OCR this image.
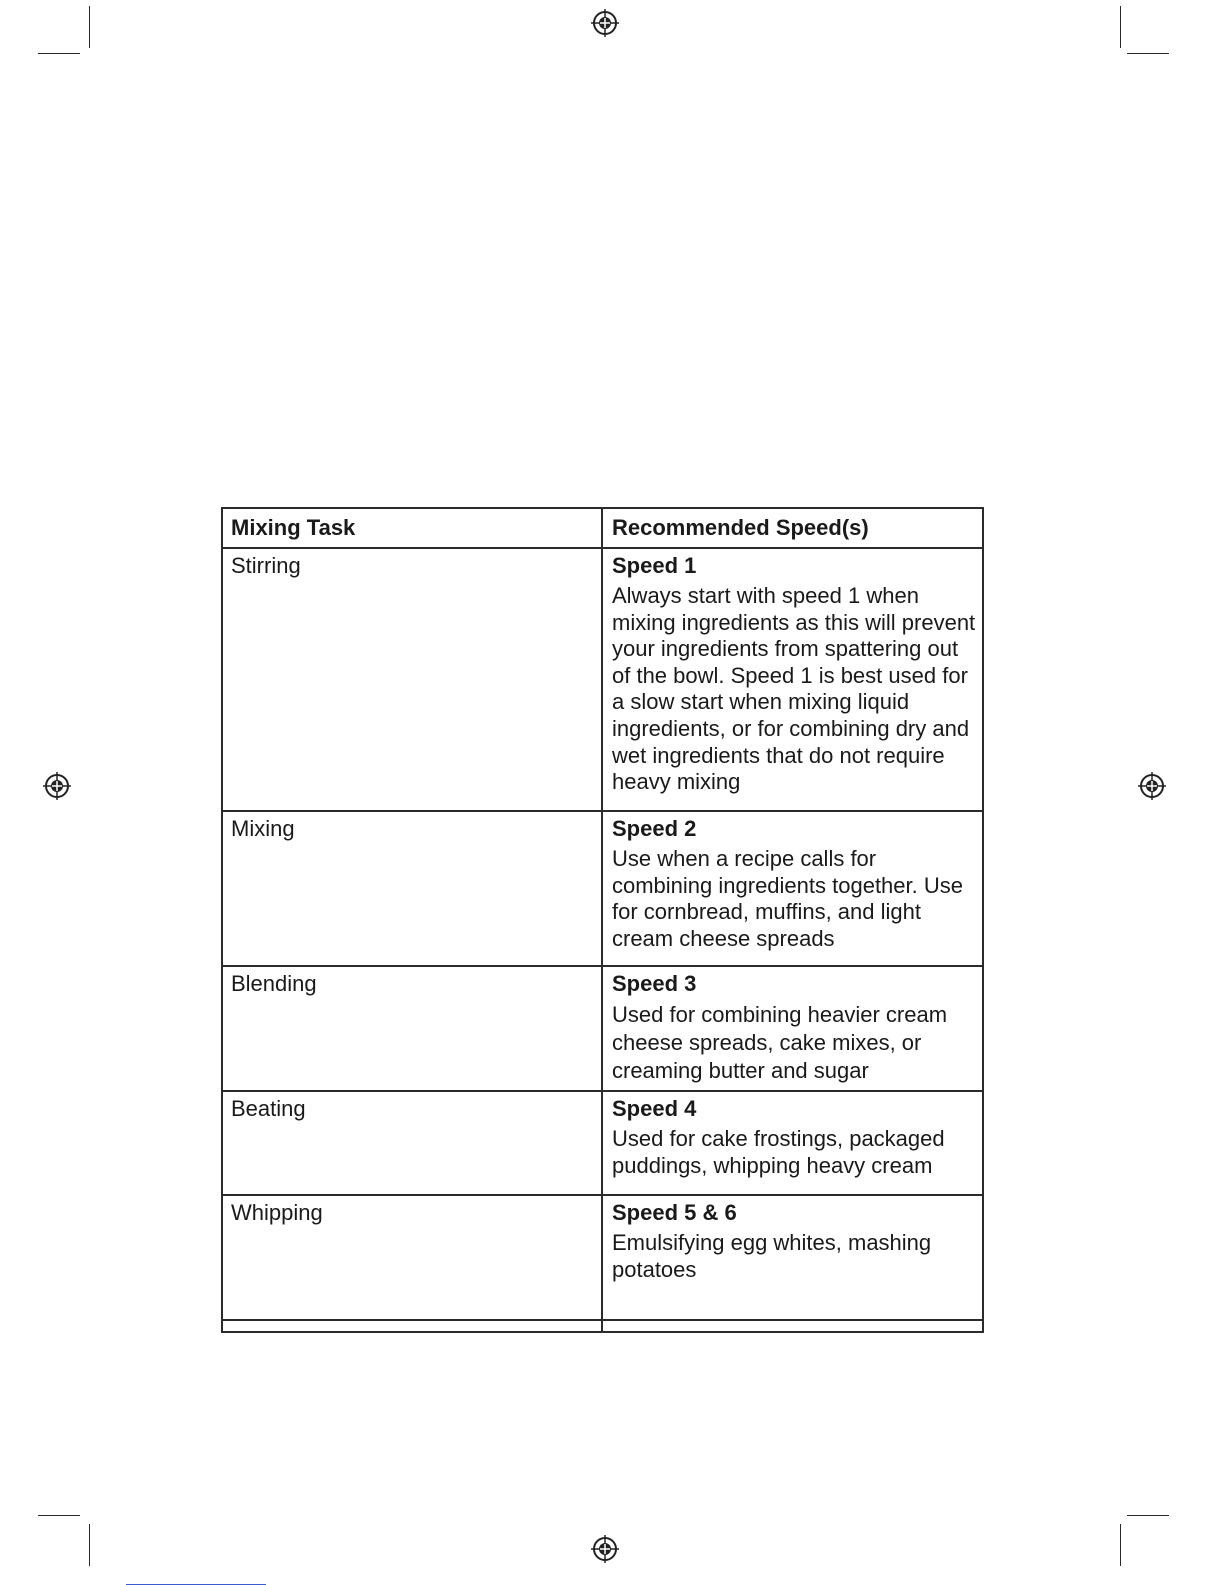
Mixing Task	Recommended Speed(s)
Stirring	Speed 1
Always start with speed 1 when mixing ingredients as this will prevent your ingredients from spattering out of the bowl. Speed 1 is best used for a slow start when mixing liquid ingredients, or for combining dry and wet ingredients that do not require heavy mixing
Mixing	Speed 2
Use when a recipe calls for combining ingredients together. Use for cornbread, muffins, and light cream cheese spreads
Blending	Speed 3
Used for combining heavier cream cheese spreads, cake mixes, or creaming butter and sugar
Beating	Speed 4
Used for cake frostings, packaged puddings, whipping heavy cream
Whipping	Speed 5 & 6
Emulsifying egg whites, mashing potatoes
